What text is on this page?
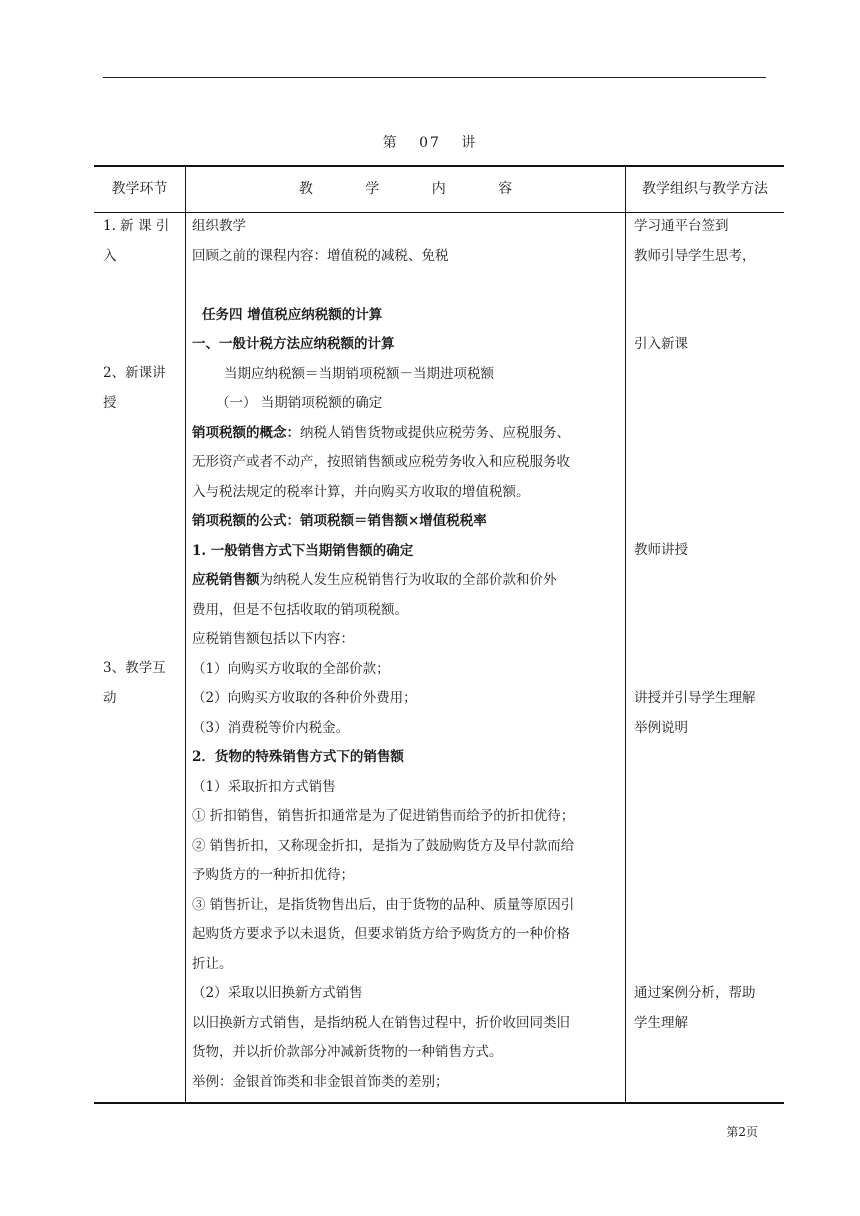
第 07 讲
教学环节	教 学 内 容	教学组织与教学方法
1. 新 课 引
入
2、新课讲
授
3、教学互
动
组织教学
回顾之前的课程内容：增值税的减税、免税
任务四 增值税应纳税额的计算
一、一般计税方法应纳税额的计算
当期应纳税额＝当期销项税额－当期进项税额
（一） 当期销项税额的确定
销项税额的概念：纳税人销售货物或提供应税劳务、应税服务、
无形资产或者不动产，按照销售额或应税劳务收入和应税服务收
入与税法规定的税率计算，并向购买方收取的增值税额。
销项税额的公式：销项税额＝销售额×增值税税率
1. 一般销售方式下当期销售额的确定
应税销售额为纳税人发生应税销售行为收取的全部价款和价外
费用，但是不包括收取的销项税额。
应税销售额包括以下内容：
（1）向购买方收取的全部价款；
（2）向购买方收取的各种价外费用；
（3）消费税等价内税金。
2．货物的特殊销售方式下的销售额
（1）采取折扣方式销售
① 折扣销售，销售折扣通常是为了促进销售而给予的折扣优待；
② 销售折扣，又称现金折扣，是指为了鼓励购货方及早付款而给
予购货方的一种折扣优待；
③ 销售折让，是指货物售出后，由于货物的品种、质量等原因引
起购货方要求予以未退货，但要求销货方给予购货方的一种价格
折让。
（2）采取以旧换新方式销售
以旧换新方式销售，是指纳税人在销售过程中，折价收回同类旧
货物，并以折价款部分冲减新货物的一种销售方式。
举例：金银首饰类和非金银首饰类的差别；
学习通平台签到
教师引导学生思考，
引入新课
教师讲授
讲授并引导学生理解
举例说明
通过案例分析，帮助
学生理解
第2页
